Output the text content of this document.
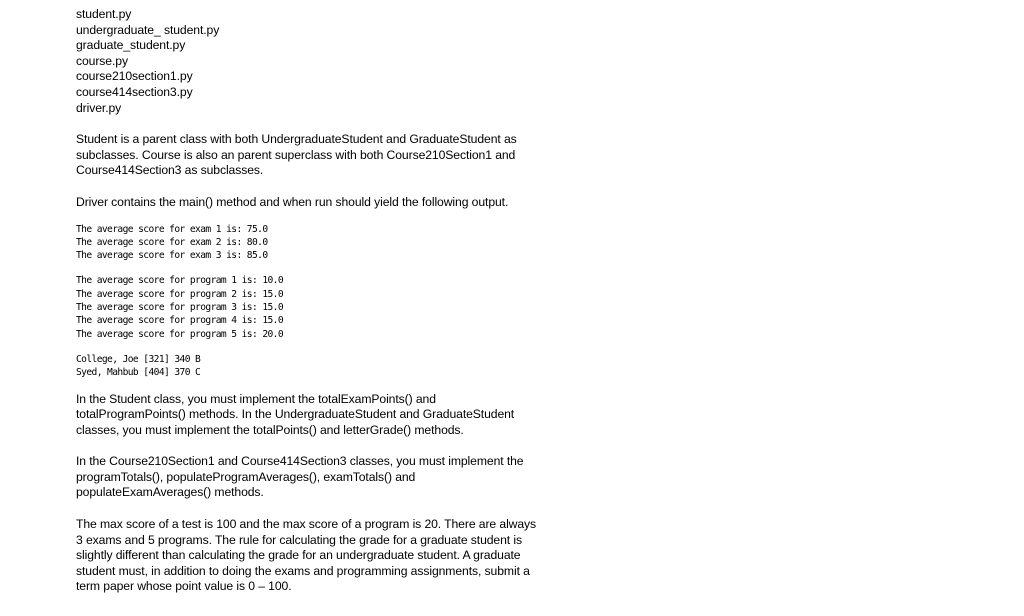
student.py
undergraduate_ student.py
graduate_student.py
course.py
course210section1.py
course414section3.py
driver.py
Student is a parent class with both UndergraduateStudent and GraduateStudent as
subclasses. Course is also an parent superclass with both Course210Section1 and
Course414Section3 as subclasses.
Driver contains the main() method and when run should yield the following output.
The average score for exam 1 is: 75.0
The average score for exam 2 is: 80.0
The average score for exam 3 is: 85.0
The average score for program 1 is: 10.0
The average score for program 2 is: 15.0
The average score for program 3 is: 15.0
The average score for program 4 is: 15.0
The average score for program 5 is: 20.0
College, Joe [321] 340 B
Syed, Mahbub [404] 370 C
In the Student class, you must implement the totalExamPoints() and
totalProgramPoints() methods. In the UndergraduateStudent and GraduateStudent
classes, you must implement the totalPoints() and letterGrade() methods.
In the Course210Section1 and Course414Section3 classes, you must implement the
programTotals(), populateProgramAverages(), examTotals() and
populateExamAverages() methods.
The max score of a test is 100 and the max score of a program is 20. There are always
3 exams and 5 programs. The rule for calculating the grade for a graduate student is
slightly different than calculating the grade for an undergraduate student. A graduate
student must, in addition to doing the exams and programming assignments, submit a
term paper whose point value is 0 – 100.
